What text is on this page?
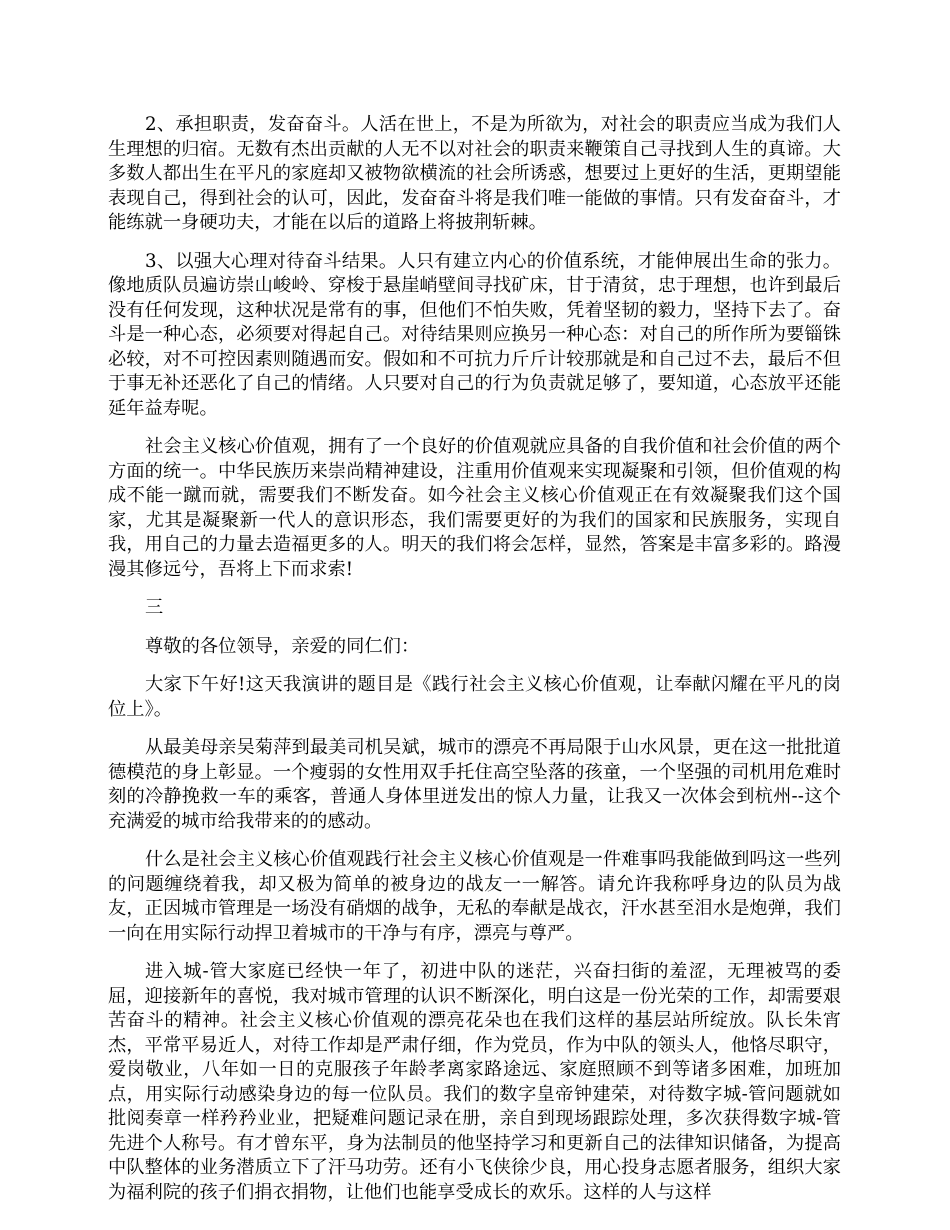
2、承担职责，发奋奋斗。人活在世上，不是为所欲为，对社会的职责应当成为我们人生理想的归宿。无数有杰出贡献的人无不以对社会的职责来鞭策自己寻找到人生的真谛。大多数人都出生在平凡的家庭却又被物欲横流的社会所诱惑，想要过上更好的生活，更期望能表现自己，得到社会的认可，因此，发奋奋斗将是我们唯一能做的事情。只有发奋奋斗，才能练就一身硬功夫，才能在以后的道路上将披荆斩棘。

3、以强大心理对待奋斗结果。人只有建立内心的价值系统，才能伸展出生命的张力。像地质队员遍访崇山峻岭、穿梭于悬崖峭壁间寻找矿床，甘于清贫，忠于理想，也许到最后没有任何发现，这种状况是常有的事，但他们不怕失败，凭着坚韧的毅力，坚持下去了。奋斗是一种心态，必须要对得起自己。对待结果则应换另一种心态：对自己的所作所为要锱铢必较，对不可控因素则随遇而安。假如和不可抗力斤斤计较那就是和自己过不去，最后不但于事无补还恶化了自己的情绪。人只要对自己的行为负责就足够了，要知道，心态放平还能延年益寿呢。

社会主义核心价值观，拥有了一个良好的价值观就应具备的自我价值和社会价值的两个方面的统一。中华民族历来崇尚精神建设，注重用价值观来实现凝聚和引领，但价值观的构成不能一蹴而就，需要我们不断发奋。如今社会主义核心价值观正在有效凝聚我们这个国家，尤其是凝聚新一代人的意识形态，我们需要更好的为我们的国家和民族服务，实现自我，用自己的力量去造福更多的人。明天的我们将会怎样，显然，答案是丰富多彩的。路漫漫其修远兮，吾将上下而求索!

三

尊敬的各位领导，亲爱的同仁们：

大家下午好!这天我演讲的题目是《践行社会主义核心价值观，让奉献闪耀在平凡的岗位上》。

从最美母亲吴菊萍到最美司机吴斌，城市的漂亮不再局限于山水风景，更在这一批批道德模范的身上彰显。一个瘦弱的女性用双手托住高空坠落的孩童，一个坚强的司机用危难时刻的冷静挽救一车的乘客，普通人身体里迸发出的惊人力量，让我又一次体会到杭州--这个充满爱的城市给我带来的的感动。

什么是社会主义核心价值观践行社会主义核心价值观是一件难事吗我能做到吗这一些列的问题缠绕着我，却又极为简单的被身边的战友一一解答。请允许我称呼身边的队员为战友，正因城市管理是一场没有硝烟的战争，无私的奉献是战衣，汗水甚至泪水是炮弹，我们一向在用实际行动捍卫着城市的干净与有序，漂亮与尊严。

进入城-管大家庭已经快一年了，初进中队的迷茫，兴奋扫街的羞涩，无理被骂的委屈，迎接新年的喜悦，我对城市管理的认识不断深化，明白这是一份光荣的工作，却需要艰苦奋斗的精神。社会主义核心价值观的漂亮花朵也在我们这样的基层站所绽放。队长朱宵杰，平常平易近人，对待工作却是严肃仔细，作为党员，作为中队的领头人，他恪尽职守，爱岗敬业，八年如一日的克服孩子年龄孝离家路途远、家庭照顾不到等诸多困难，加班加点，用实际行动感染身边的每一位队员。我们的数字皇帝钟建荣，对待数字城-管问题就如批阅奏章一样矜矜业业，把疑难问题记录在册，亲自到现场跟踪处理，多次获得数字城-管先进个人称号。有才曾东平，身为法制员的他坚持学习和更新自己的法律知识储备，为提高中队整体的业务潜质立下了汗马功劳。还有小飞侠徐少良，用心投身志愿者服务，组织大家为福利院的孩子们捐衣捐物，让他们也能享受成长的欢乐。这样的人与这样
